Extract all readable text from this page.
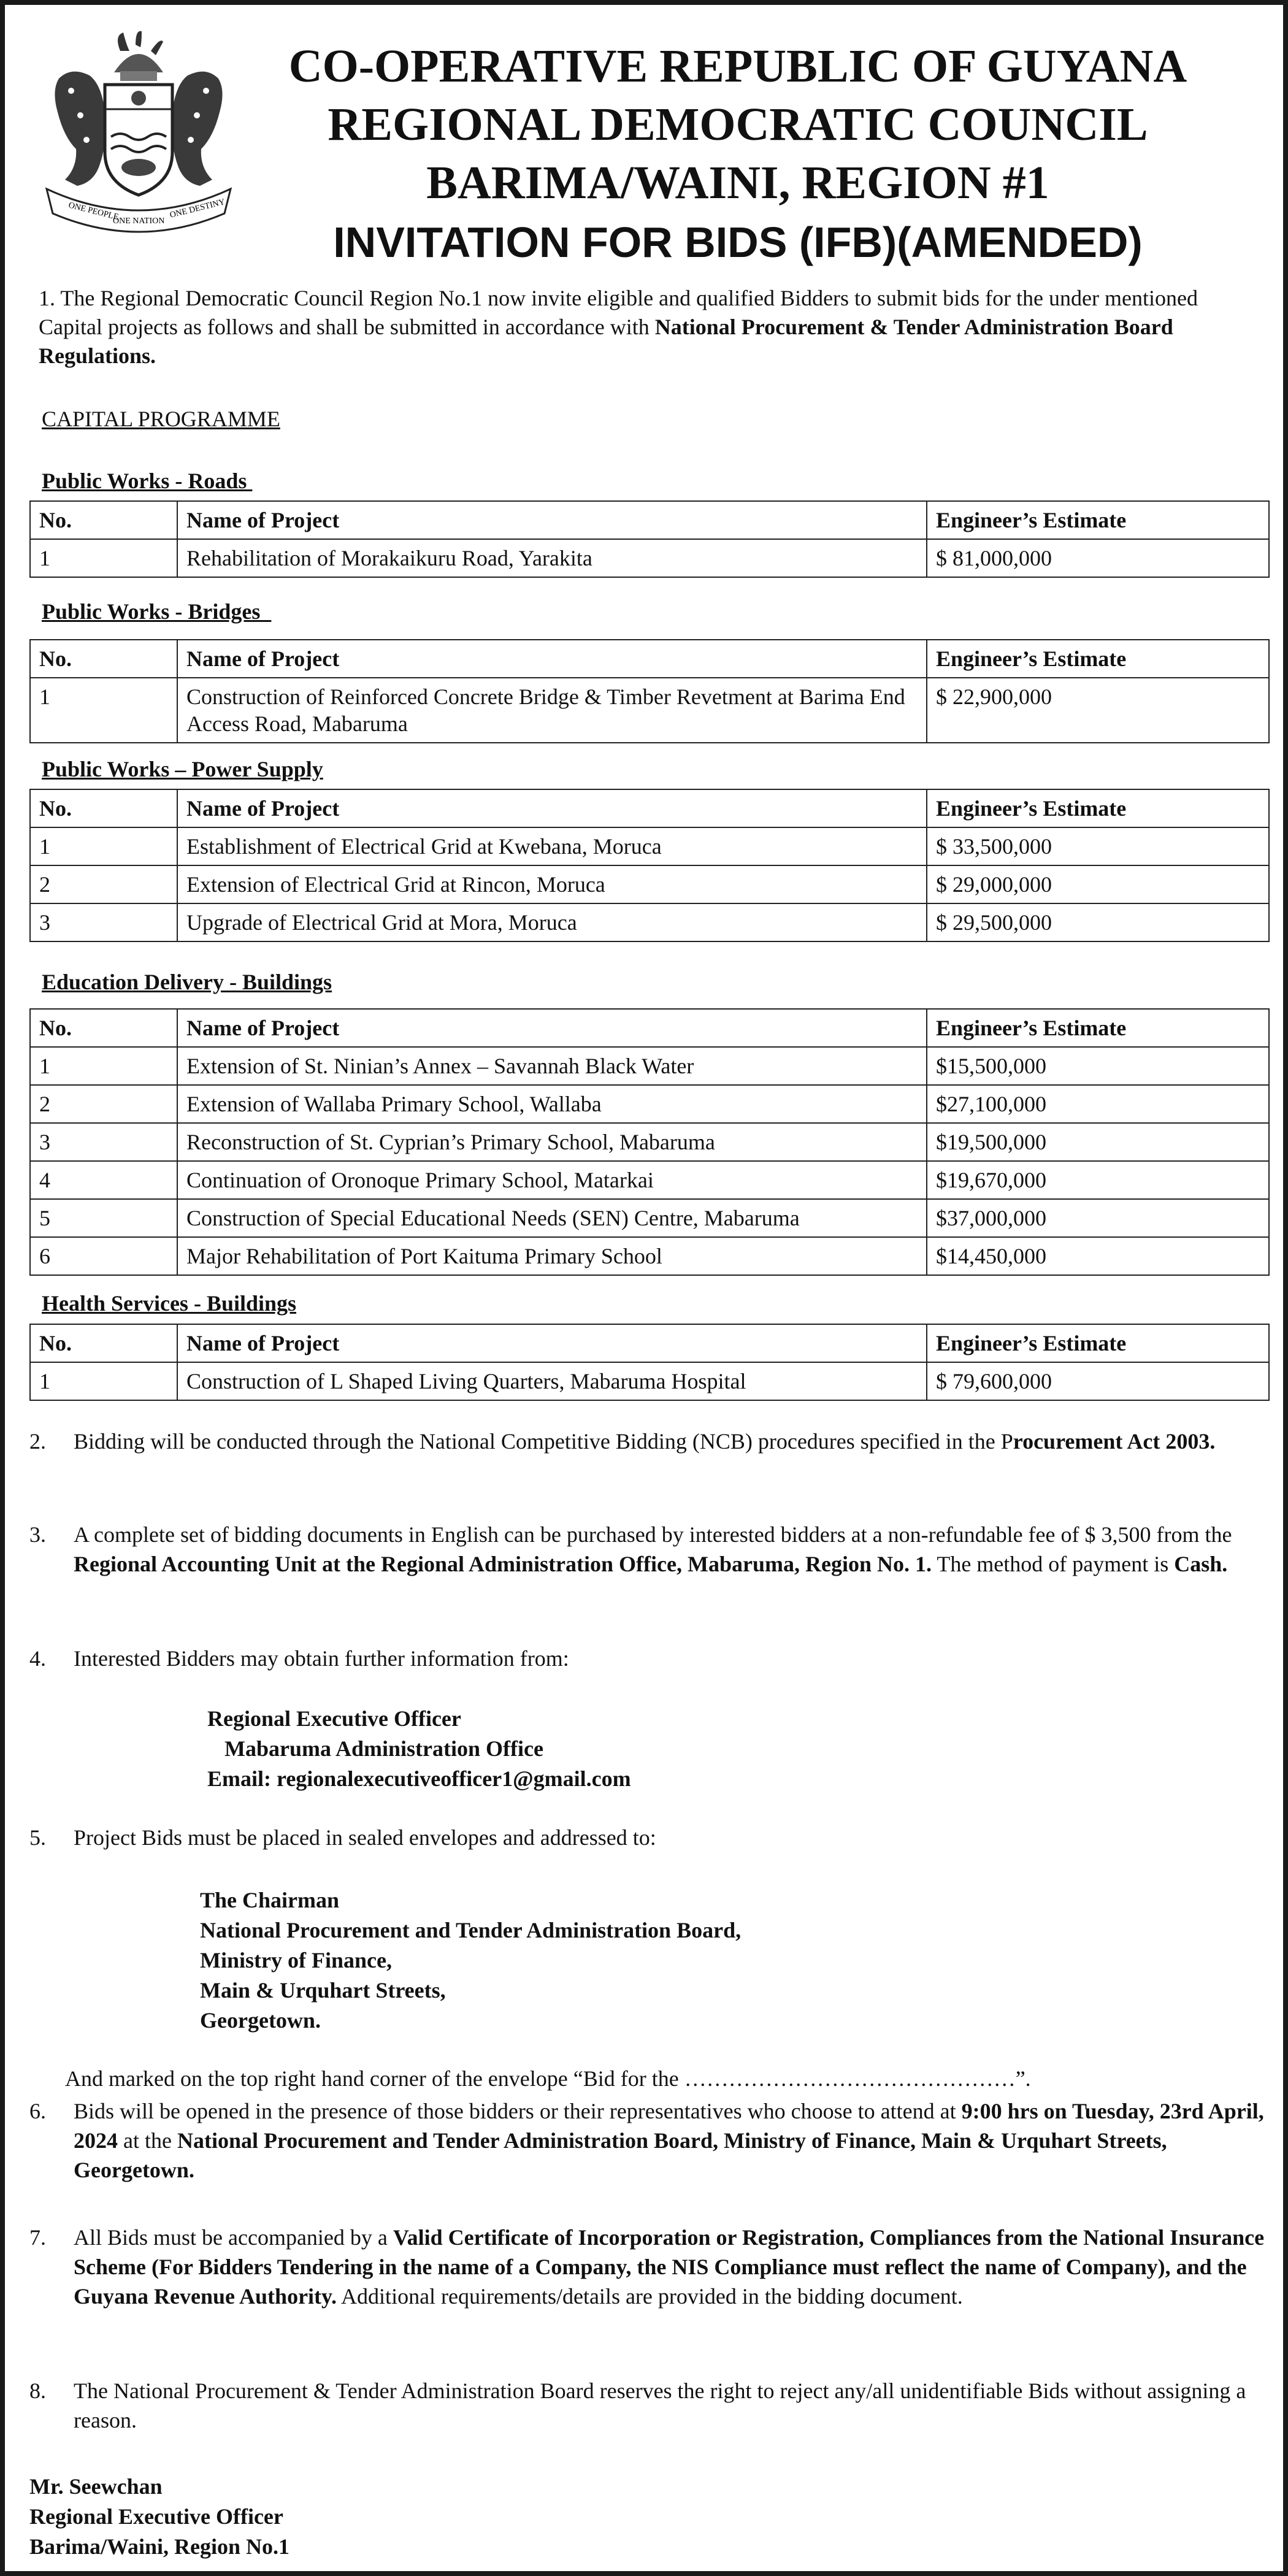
ONE PEOPLE
ONE NATION
ONE DESTINY
CO-OPERATIVE REPUBLIC OF GUYANA
REGIONAL DEMOCRATIC COUNCIL
BARIMA/WAINI, REGION #1
INVITATION FOR BIDS (IFB)(AMENDED)
1. The Regional Democratic Council Region No.1 now invite eligible and qualified Bidders to submit bids for the under mentioned Capital projects as follows and shall be submitted in accordance with National Procurement & Tender Administration Board Regulations.
CAPITAL PROGRAMME
Public Works - Roads
No.	Name of Project	Engineer’s Estimate
1	Rehabilitation of Morakaikuru Road, Yarakita	$ 81,000,000
Public Works - Bridges
No.	Name of Project	Engineer’s Estimate
1	Construction of Reinforced Concrete Bridge & Timber Revetment at Barima End Access Road, Mabaruma	$ 22,900,000
Public Works – Power Supply
No.	Name of Project	Engineer’s Estimate
1	Establishment of Electrical Grid at Kwebana, Moruca	$ 33,500,000
2	Extension of Electrical Grid at Rincon, Moruca	$ 29,000,000
3	Upgrade of Electrical Grid at Mora, Moruca	$ 29,500,000
Education Delivery - Buildings
No.	Name of Project	Engineer’s Estimate
1	Extension of St. Ninian’s Annex – Savannah Black Water	$15,500,000
2	Extension of Wallaba Primary School, Wallaba	$27,100,000
3	Reconstruction of St. Cyprian’s Primary School, Mabaruma	$19,500,000
4	Continuation of Oronoque Primary School, Matarkai	$19,670,000
5	Construction of Special Educational Needs (SEN) Centre, Mabaruma	$37,000,000
6	Major Rehabilitation of Port Kaituma Primary School	$14,450,000
Health Services - Buildings
No.	Name of Project	Engineer’s Estimate
1	Construction of L Shaped Living Quarters, Mabaruma Hospital	$ 79,600,000
2.	Bidding will be conducted through the National Competitive Bidding (NCB) procedures specified in the Procurement Act 2003.
3.	A complete set of bidding documents in English can be purchased by interested bidders at a non-refundable fee of $ 3,500 from the Regional Accounting Unit at the Regional Administration Office, Mabaruma, Region No. 1. The method of payment is Cash.
4.	Interested Bidders may obtain further information from:
Regional Executive Officer
Mabaruma Administration Office
Email: regionalexecutiveofficer1@gmail.com
5.	Project Bids must be placed in sealed envelopes and addressed to:
The Chairman
National Procurement and Tender Administration Board,
Ministry of Finance,
Main & Urquhart Streets,
Georgetown.
And marked on the top right hand corner of the envelope “Bid for the ………………………………………”.
6.	Bids will be opened in the presence of those bidders or their representatives who choose to attend at 9:00 hrs on Tuesday, 23rd April, 2024 at the National Procurement and Tender Administration Board, Ministry of Finance, Main & Urquhart Streets, Georgetown.
7.	All Bids must be accompanied by a Valid Certificate of Incorporation or Registration, Compliances from the National Insurance Scheme (For Bidders Tendering in the name of a Company, the NIS Compliance must reflect the name of Company), and the Guyana Revenue Authority. Additional requirements/details are provided in the bidding document.
8.	The National Procurement & Tender Administration Board reserves the right to reject any/all unidentifiable Bids without assigning a reason.
Mr. Seewchan
Regional Executive Officer
Barima/Waini, Region No.1
